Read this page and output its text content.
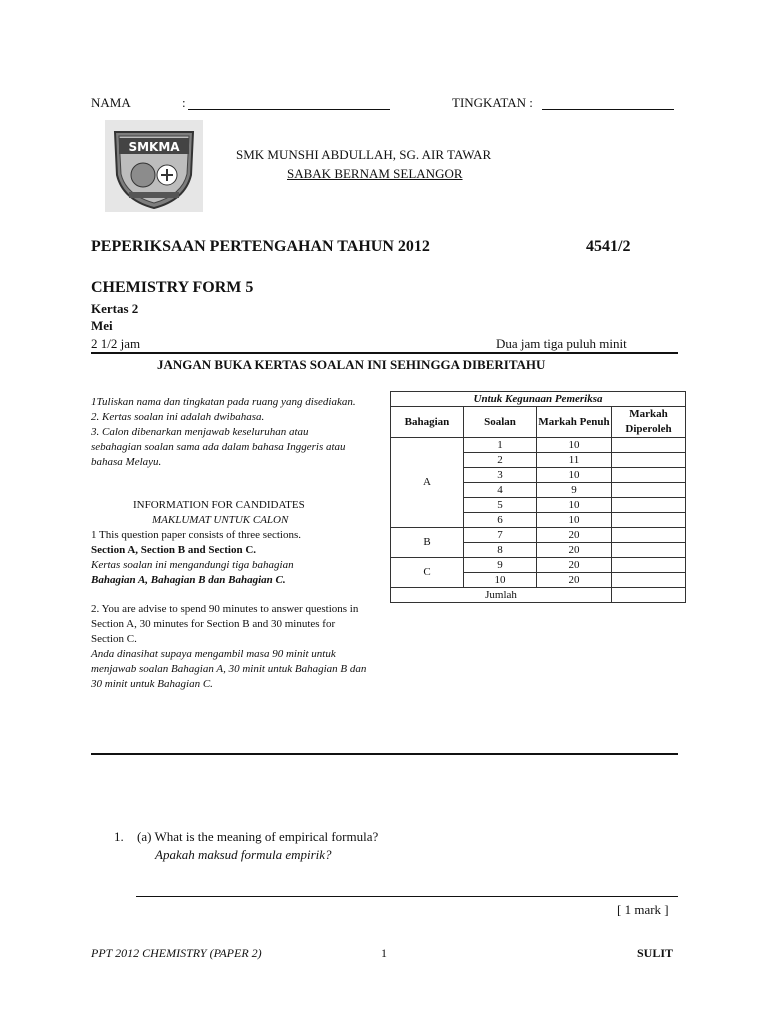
NAMA	:	TINGKATAN :
SMKMA	SMK MUNSHI ABDULLAH, SG. AIR TAWAR
SABAK BERNAM SELANGOR
PEPERIKSAAN PERTENGAHAN TAHUN 2012	4541/2
CHEMISTRY FORM 5
Kertas 2
Mei
2 1/2 jam	Dua jam tiga puluh minit
JANGAN BUKA KERTAS SOALAN INI SEHINGGA DIBERITAHU

1Tuliskan nama dan tingkatan pada ruang yang disediakan.

2. Kertas soalan ini adalah dwibahasa.

3. Calon dibenarkan menjawab keseluruhan atau sebahagian soalan sama ada dalam bahasa Inggeris atau bahasa Melayu.

INFORMATION FOR CANDIDATES
MAKLUMAT UNTUK CALON

1 This question paper consists of three sections.

Section A, Section B and Section C.

Kertas soalan ini mengandungi tiga bahagian

Bahagian A, Bahagian B dan Bahagian C.

2. You are advise to spend 90 minutes to answer questions in Section A, 30 minutes for Section B and 30 minutes for Section C.

Anda dinasihat supaya mengambil masa 90 minit untuk menjawab soalan Bahagian A, 30 minit untuk Bahagian B dan 30 minit untuk Bahagian C.

Untuk Kegunaan Pemeriksa			
Bahagian	Soalan	Markah Penuh	Markah Diperoleh
A	1	10	
	2	11	
	3	10	
	4	9	
	5	10	
	6	10	
B	7	20	
	8	20	
C	9	20	
	10	20	
Jumlah			
1. (a) What is the meaning of empirical formula?
Apakah maksud formula empirik?
[ 1 mark ]
PPT 2012 CHEMISTRY (PAPER 2)	1	SULIT
